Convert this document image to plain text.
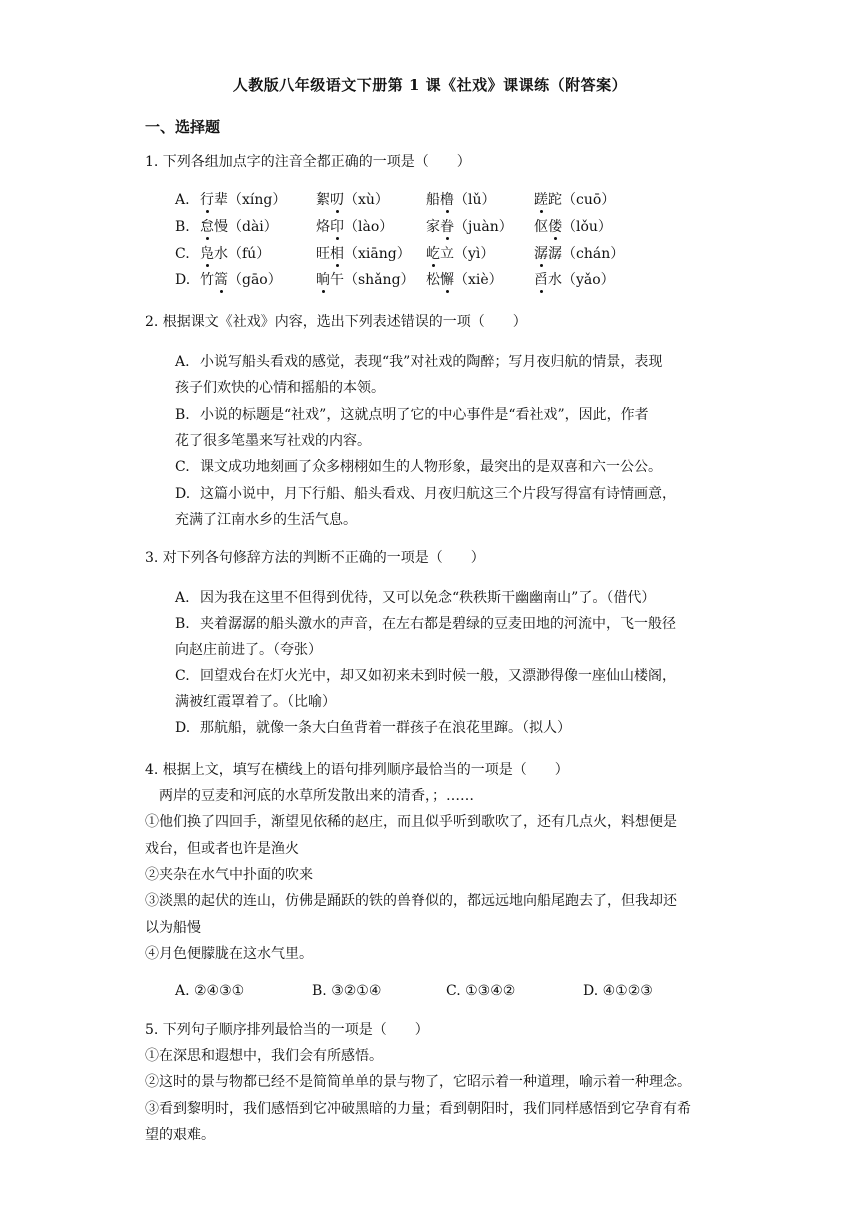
人教版八年级语文下册第 1 课《社戏》课课练（附答案）
一、选择题
1. 下列各组加点字的注音全都正确的一项是（　　）
A. 行辈（xíng） 絮叨（xù）	船橹（lǔ）	蹉跎（cuō）
B. 怠慢（dài）	烙印（lào） 家眷（juàn） 伛偻（lǒu）
C. 凫水（fú）	旺相（xiāng） 屹立（yì）	潺潺（chán）
D. 竹篙（gāo） 晌午（shǎng） 松懈（xiè） 舀水（yǎo）
2. 根据课文《社戏》内容，选出下列表述错误的一项（　　）
A. 小说写船头看戏的感觉，表现“我”对社戏的陶醉；写月夜归航的情景，表现
孩子们欢快的心情和摇船的本领。
B. 小说的标题是“社戏”，这就点明了它的中心事件是“看社戏”，因此，作者
花了很多笔墨来写社戏的内容。
C. 课文成功地刻画了众多栩栩如生的人物形象，最突出的是双喜和六一公公。
D. 这篇小说中，月下行船、船头看戏、月夜归航这三个片段写得富有诗情画意，
充满了江南水乡的生活气息。
3. 对下列各句修辞方法的判断不正确的一项是（　　）
A. 因为我在这里不但得到优待，又可以免念“秩秩斯干幽幽南山”了。（借代）
B. 夹着潺潺的船头激水的声音，在左右都是碧绿的豆麦田地的河流中，飞一般径
向赵庄前进了。（夸张）
C. 回望戏台在灯火光中，却又如初来未到时候一般，又漂渺得像一座仙山楼阁，
满被红霞罩着了。（比喻）
D. 那航船，就像一条大白鱼背着一群孩子在浪花里蹿。（拟人）
4. 根据上文，填写在横线上的语句排列顺序最恰当的一项是（　　）
　两岸的豆麦和河底的水草所发散出来的清香，；……
①他们换了四回手，渐望见依稀的赵庄，而且似乎听到歌吹了，还有几点火，料想便是
戏台，但或者也许是渔火
②夹杂在水气中扑面的吹来
③淡黑的起伏的连山，仿佛是踊跃的铁的兽脊似的，都远远地向船尾跑去了，但我却还
以为船慢
④月色便朦胧在这水气里。
A. ②④③①	B. ③②①④	C. ①③④②	D. ④①②③
5. 下列句子顺序排列最恰当的一项是（　　）
①在深思和遐想中，我们会有所感悟。
②这时的景与物都已经不是简简单单的景与物了，它昭示着一种道理，喻示着一种理念。
③看到黎明时，我们感悟到它冲破黑暗的力量；看到朝阳时，我们同样感悟到它孕育有希
望的艰难。
